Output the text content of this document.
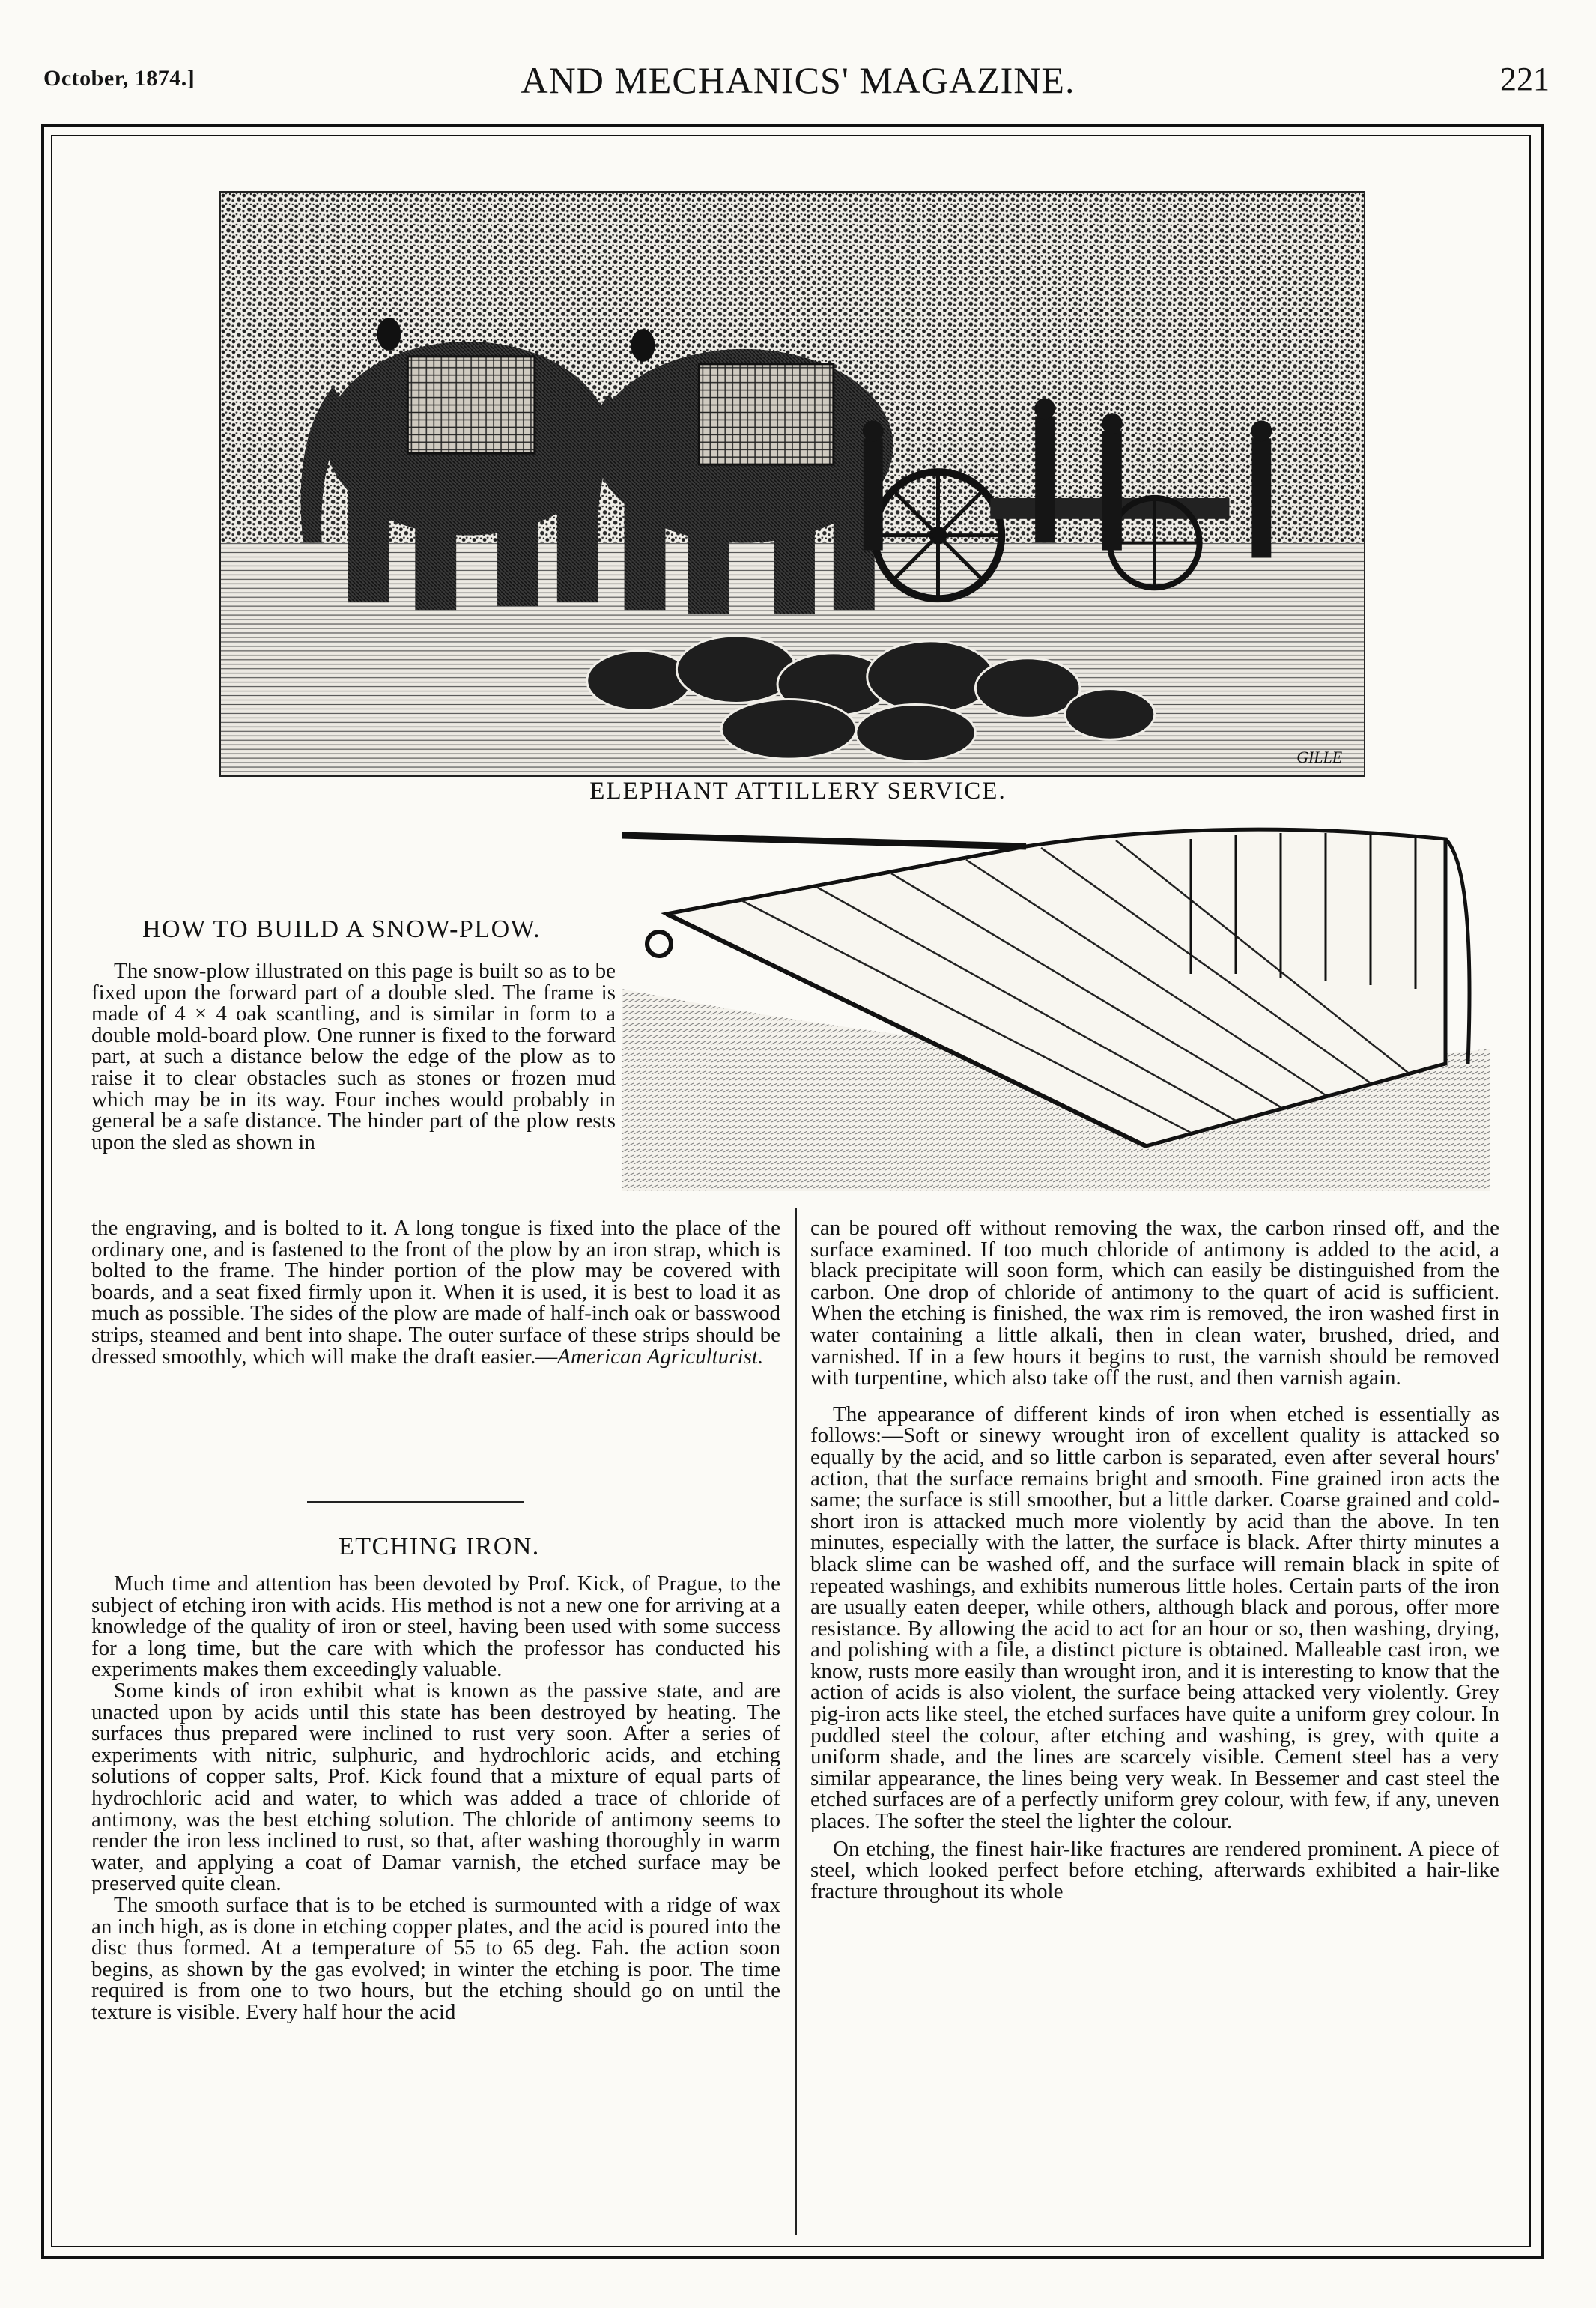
October, 1874.]	AND MECHANICS' MAGAZINE.	221
GILLE
ELEPHANT ATTILLERY SERVICE.
HOW TO BUILD A SNOW-PLOW.

The snow-plow illustrated on this page is built so as to be fixed upon the forward part of a double sled. The frame is made of 4 × 4 oak scantling, and is similar in form to a double mold-board plow. One runner is fixed to the forward part, at such a distance below the edge of the plow as to raise it to clear obstacles such as stones or frozen mud which may be in its way. Four inches would probably in general be a safe distance. The hinder part of the plow rests upon the sled as shown in

the engraving, and is bolted to it. A long tongue is fixed into the place of the ordinary one, and is fastened to the front of the plow by an iron strap, which is bolted to the frame. The hinder portion of the plow may be covered with boards, and a seat fixed firmly upon it. When it is used, it is best to load it as much as possible. The sides of the plow are made of half-inch oak or basswood strips, steamed and bent into shape. The outer surface of these strips should be dressed smoothly, which will make the draft easier.—American Agriculturist.

ETCHING IRON.

Much time and attention has been devoted by Prof. Kick, of Prague, to the subject of etching iron with acids. His method is not a new one for arriving at a knowledge of the quality of iron or steel, having been used with some success for a long time, but the care with which the professor has conducted his experiments makes them exceedingly valuable.

Some kinds of iron exhibit what is known as the passive state, and are unacted upon by acids until this state has been destroyed by heating. The surfaces thus prepared were inclined to rust very soon. After a series of experiments with nitric, sulphuric, and hydrochloric acids, and etching solutions of copper salts, Prof. Kick found that a mixture of equal parts of hydrochloric acid and water, to which was added a trace of chloride of antimony, was the best etching solution. The chloride of antimony seems to render the iron less inclined to rust, so that, after washing thoroughly in warm water, and applying a coat of Damar varnish, the etched surface may be preserved quite clean.

The smooth surface that is to be etched is surmounted with a ridge of wax an inch high, as is done in etching copper plates, and the acid is poured into the disc thus formed. At a temperature of 55 to 65 deg. Fah. the action soon begins, as shown by the gas evolved; in winter the etching is poor. The time required is from one to two hours, but the etching should go on until the texture is visible. Every half hour the acid

can be poured off without removing the wax, the carbon rinsed off, and the surface examined. If too much chloride of antimony is added to the acid, a black precipitate will soon form, which can easily be distinguished from the carbon. One drop of chloride of antimony to the quart of acid is sufficient. When the etching is finished, the wax rim is removed, the iron washed first in water containing a little alkali, then in clean water, brushed, dried, and varnished. If in a few hours it begins to rust, the varnish should be removed with turpentine, which also take off the rust, and then varnish again.

The appearance of different kinds of iron when etched is essentially as follows:—Soft or sinewy wrought iron of excellent quality is attacked so equally by the acid, and so little carbon is separated, even after several hours' action, that the surface remains bright and smooth. Fine grained iron acts the same; the surface is still smoother, but a little darker. Coarse grained and cold-short iron is attacked much more violently by acid than the above. In ten minutes, especially with the latter, the surface is black. After thirty minutes a black slime can be washed off, and the surface will remain black in spite of repeated washings, and exhibits numerous little holes. Certain parts of the iron are usually eaten deeper, while others, although black and porous, offer more resistance. By allowing the acid to act for an hour or so, then washing, drying, and polishing with a file, a distinct picture is obtained. Malleable cast iron, we know, rusts more easily than wrought iron, and it is interesting to know that the action of acids is also violent, the surface being attacked very violently. Grey pig-iron acts like steel, the etched surfaces have quite a uniform grey colour. In puddled steel the colour, after etching and washing, is grey, with quite a uniform shade, and the lines are scarcely visible. Cement steel has a very similar appearance, the lines being very weak. In Bessemer and cast steel the etched surfaces are of a perfectly uniform grey colour, with few, if any, uneven places. The softer the steel the lighter the colour.

On etching, the finest hair-like fractures are rendered prominent. A piece of steel, which looked perfect before etching, afterwards exhibited a hair-like fracture throughout its whole
